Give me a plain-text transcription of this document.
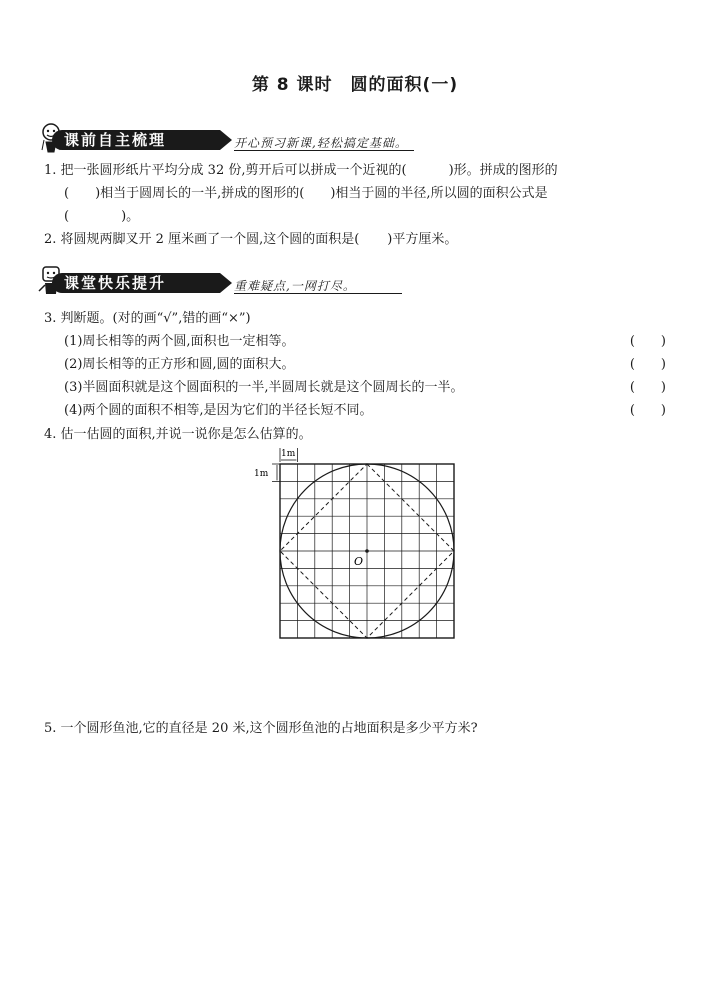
第 8 课时　圆的面积(一)
课前自主梳理	开心预习新课,轻松搞定基础。
1. 把一张圆形纸片平均分成 32 份,剪开后可以拼成一个近视的(	)形。拼成的图形的
( )相当于圆周长的一半,拼成的图形的( )相当于圆的半径,所以圆的面积公式是
(	)。
2. 将圆规两脚叉开 2 厘米画了一个圆,这个圆的面积是( )平方厘米。
课堂快乐提升	重难疑点,一网打尽。
3. 判断题。(对的画“√”,错的画“×”)
(1)周长相等的两个圆,面积也一定相等。	(　　)
(2)周长相等的正方形和圆,圆的面积大。	(　　)
(3)半圆面积就是这个圆面积的一半,半圆周长就是这个圆周长的一半。	(　　)
(4)两个圆的面积不相等,是因为它们的半径长短不同。	(　　)
4. 估一估圆的面积,并说一说你是怎么估算的。
O
1m
1m
5. 一个圆形鱼池,它的直径是 20 米,这个圆形鱼池的占地面积是多少平方米?
